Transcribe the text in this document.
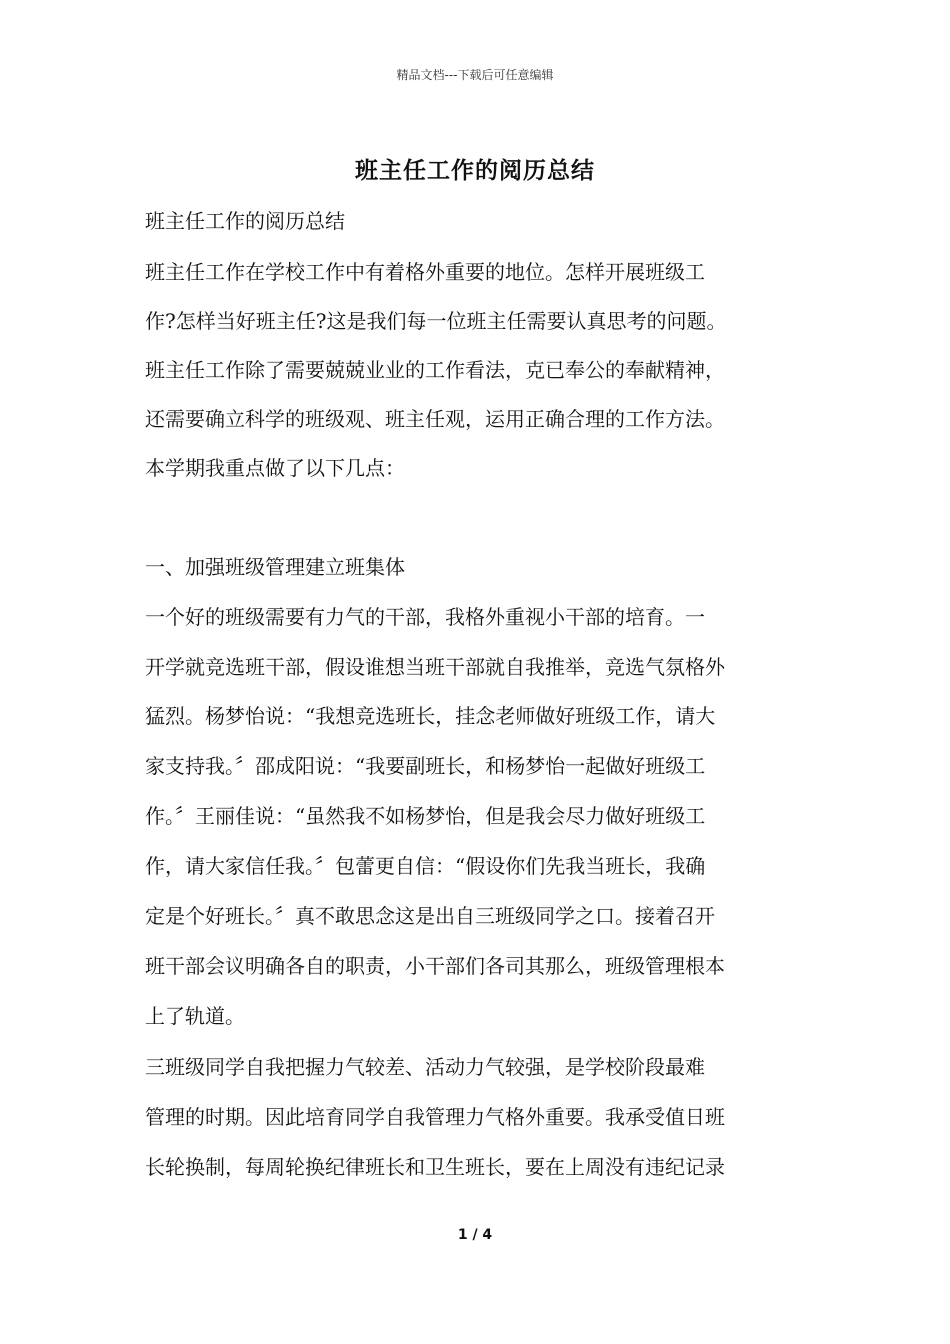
精品文档---下载后可任意编辑
班主任工作的阅历总结
班主任工作的阅历总结
班主任工作在学校工作中有着格外重要的地位。怎样开展班级工
作?怎样当好班主任?这是我们每一位班主任需要认真思考的问题。
班主任工作除了需要兢兢业业的工作看法，克已奉公的奉献精神，
还需要确立科学的班级观、班主任观，运用正确合理的工作方法。
本学期我重点做了以下几点：
一、加强班级管理建立班集体
一个好的班级需要有力气的干部，我格外重视小干部的培育。一
开学就竞选班干部，假设谁想当班干部就自我推举，竞选气氛格外
猛烈。杨梦怡说：“我想竞选班长，挂念老师做好班级工作，请大
家支持我。〞邵成阳说：“我要副班长，和杨梦怡一起做好班级工
作。〞王丽佳说：“虽然我不如杨梦怡，但是我会尽力做好班级工
作，请大家信任我。〞包蕾更自信：“假设你们先我当班长，我确
定是个好班长。〞真不敢思念这是出自三班级同学之口。接着召开
班干部会议明确各自的职责，小干部们各司其那么，班级管理根本
上了轨道。
三班级同学自我把握力气较差、活动力气较强，是学校阶段最难
管理的时期。因此培育同学自我管理力气格外重要。我承受值日班
长轮换制，每周轮换纪律班长和卫生班长，要在上周没有违纪记录
1 / 4
